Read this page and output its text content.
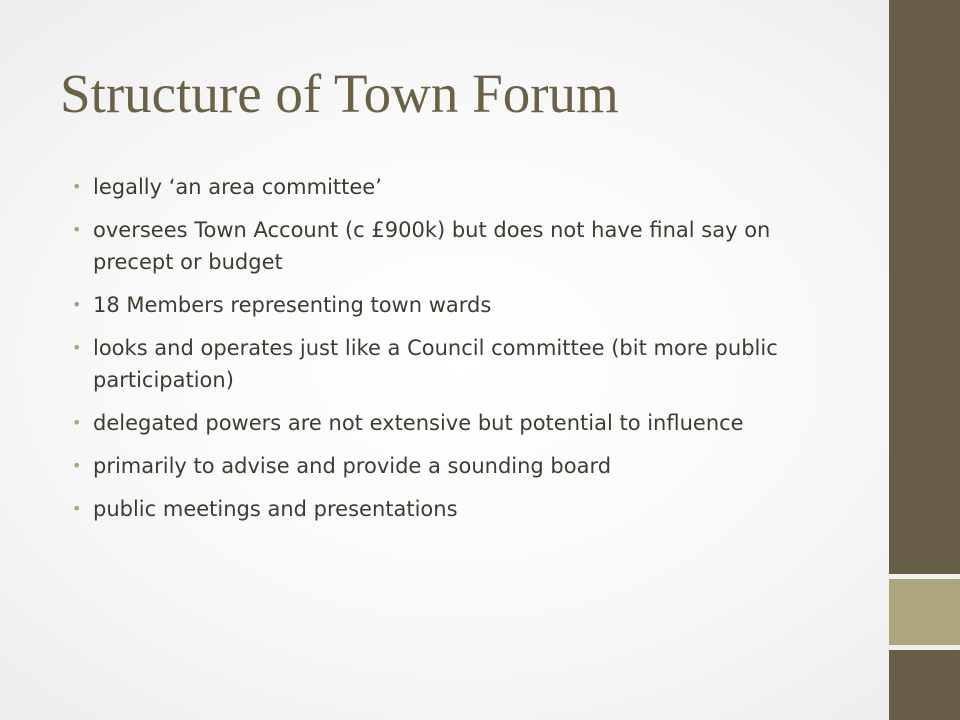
Structure of Town Forum
• legally ‘an area committee’
• oversees Town Account (c £900k) but does not have final say on precept or budget
• 18 Members representing town wards
• looks and operates just like a Council committee (bit more public participation)
• delegated powers are not extensive but potential to influence
• primarily to advise and provide a sounding board
• public meetings and presentations
